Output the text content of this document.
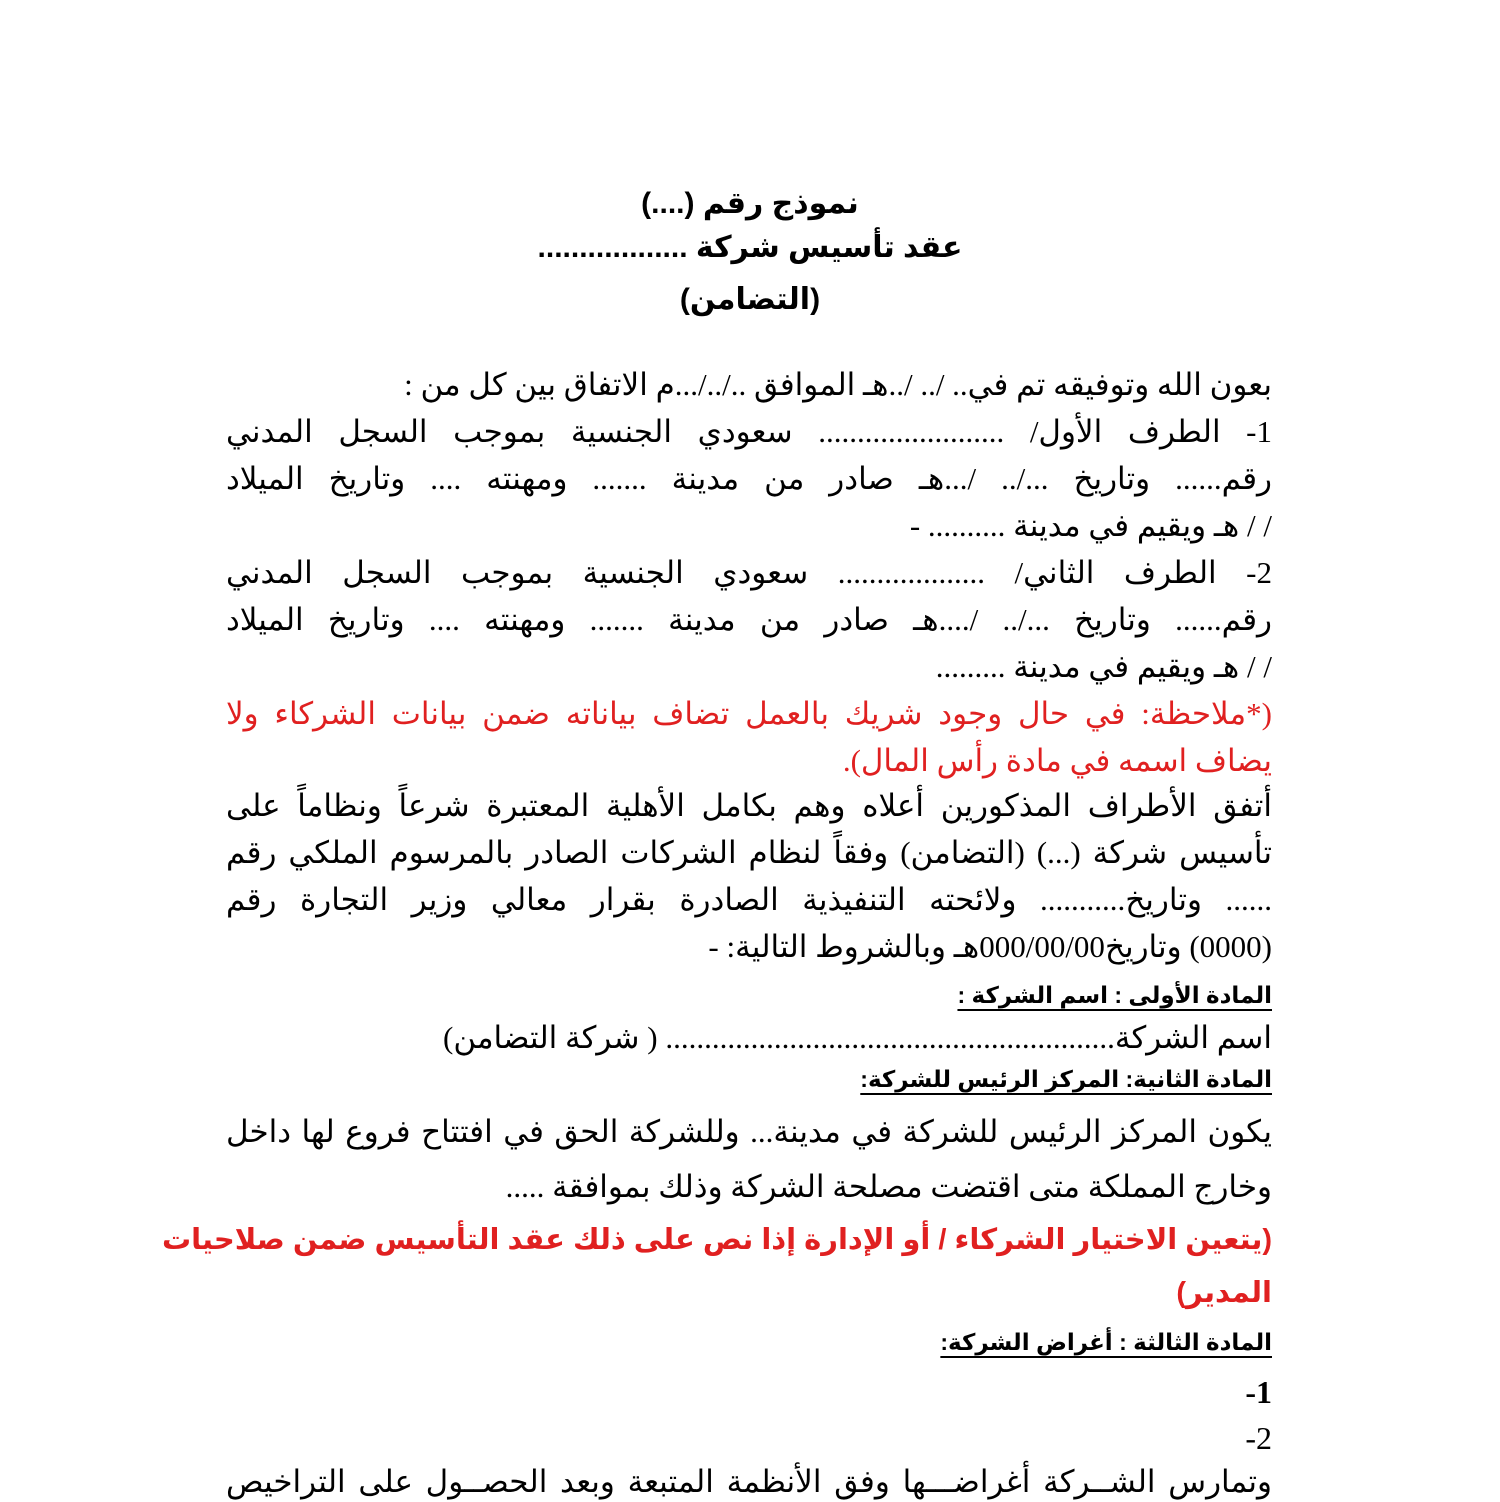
نموذج رقم (....)

عقد تأسيس شركة ..................

(التضامن)

بعون الله وتوفيقه تم في.. /.. /..هـ الموافق ../../...م الاتفاق بين كل من :

1- الطرف الأول/ ........................ سعودي الجنسية بموجب السجل المدني

رقم...... وتاريخ .../.. /...هـ صادر من مدينة ....... ومهنته .... وتاريخ الميلاد

/ / هـ ويقيم في مدينة .......... -

2- الطرف الثاني/ ................... سعودي الجنسية بموجب السجل المدني

رقم...... وتاريخ .../.. /....هـ صادر من مدينة ....... ومهنته .... وتاريخ الميلاد

/ / هـ ويقيم في مدينة .........

(*ملاحظة: في حال وجود شريك بالعمل تضاف بياناته ضمن بيانات الشركاء ولا

يضاف اسمه في مادة رأس المال).

أتفق الأطراف المذكورين أعلاه وهم بكامل الأهلية المعتبرة شرعاً ونظاماً على

تأسيس شركة (...) (التضامن) وفقاً لنظام الشركات الصادر بالمرسوم الملكي رقم

...... وتاريخ........... ولائحته التنفيذية الصادرة بقرار معالي وزير التجارة رقم

(0000) وتاريخ000/00/00هـ وبالشروط التالية: -

المادة الأولى : اسم الشركة :

اسم الشركة.......................................................... ( شركة التضامن)

المادة الثانية: المركز الرئيس للشركة:

يكون المركز الرئيس للشركة في مدينة... وللشركة الحق في افتتاح فروع لها داخل

وخارج المملكة متى اقتضت مصلحة الشركة وذلك بموافقة .....

(يتعين الاختيار الشركاء / أو الإدارة إذا نص على ذلك عقد التأسيس ضمن صلاحيات

المدير)

المادة الثالثة : أغراض الشركة:

-1

-2

وتمارس الشــركة أغراضـــها وفق الأنظمة المتبعة وبعد الحصــول على التراخيص
